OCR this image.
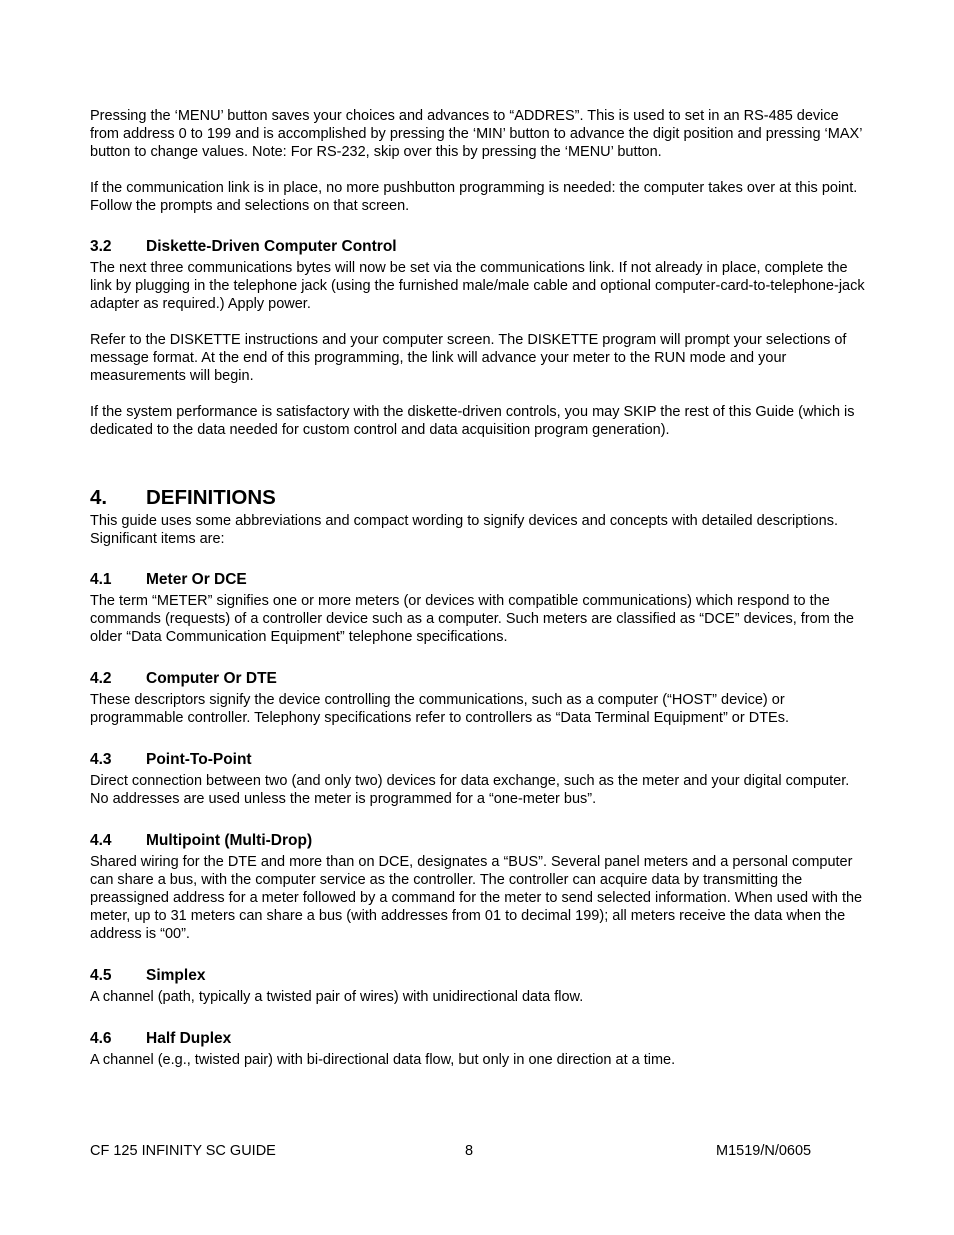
Pressing the ‘MENU’ button saves your choices and advances to “ADDRES”. This is used to set in an RS-485 device from address 0 to 199 and is accomplished by pressing the ‘MIN’ button to advance the digit position and pressing ‘MAX’ button to change values. Note: For RS-232, skip over this by pressing the ‘MENU’ button.

If the communication link is in place, no more pushbutton programming is needed: the computer takes over at this point. Follow the prompts and selections on that screen.

3.2	Diskette-Driven Computer Control

The next three communications bytes will now be set via the communications link. If not already in place, complete the link by plugging in the telephone jack (using the furnished male/male cable and optional computer-card-to-telephone-jack adapter as required.) Apply power.

Refer to the DISKETTE instructions and your computer screen. The DISKETTE program will prompt your selections of message format. At the end of this programming, the link will advance your meter to the RUN mode and your measurements will begin.

If the system performance is satisfactory with the diskette-driven controls, you may SKIP the rest of this Guide (which is dedicated to the data needed for custom control and data acquisition program generation).

4.	DEFINITIONS

This guide uses some abbreviations and compact wording to signify devices and concepts with detailed descriptions. Significant items are:

4.1	Meter Or DCE

The term “METER” signifies one or more meters (or devices with compatible communications) which respond to the commands (requests) of a controller device such as a computer. Such meters are classified as “DCE” devices, from the older “Data Communication Equipment” telephone specifications.

4.2	Computer Or DTE

These descriptors signify the device controlling the communications, such as a computer (“HOST” device) or programmable controller. Telephony specifications refer to controllers as “Data Terminal Equipment” or DTEs.

4.3	Point-To-Point

Direct connection between two (and only two) devices for data exchange, such as the meter and your digital computer. No addresses are used unless the meter is programmed for a “one-meter bus”.

4.4	Multipoint (Multi-Drop)

Shared wiring for the DTE and more than on DCE, designates a “BUS”. Several panel meters and a personal computer can share a bus, with the computer service as the controller. The controller can acquire data by transmitting the preassigned address for a meter followed by a command for the meter to send selected information. When used with the meter, up to 31 meters can share a bus (with addresses from 01 to decimal 199); all meters receive the data when the address is “00”.

4.5	Simplex

A channel (path, typically a twisted pair of wires) with unidirectional data flow.

4.6	Half Duplex

A channel (e.g., twisted pair) with bi-directional data flow, but only in one direction at a time.

CF 125 INFINITY SC GUIDE	8	M1519/N/0605
